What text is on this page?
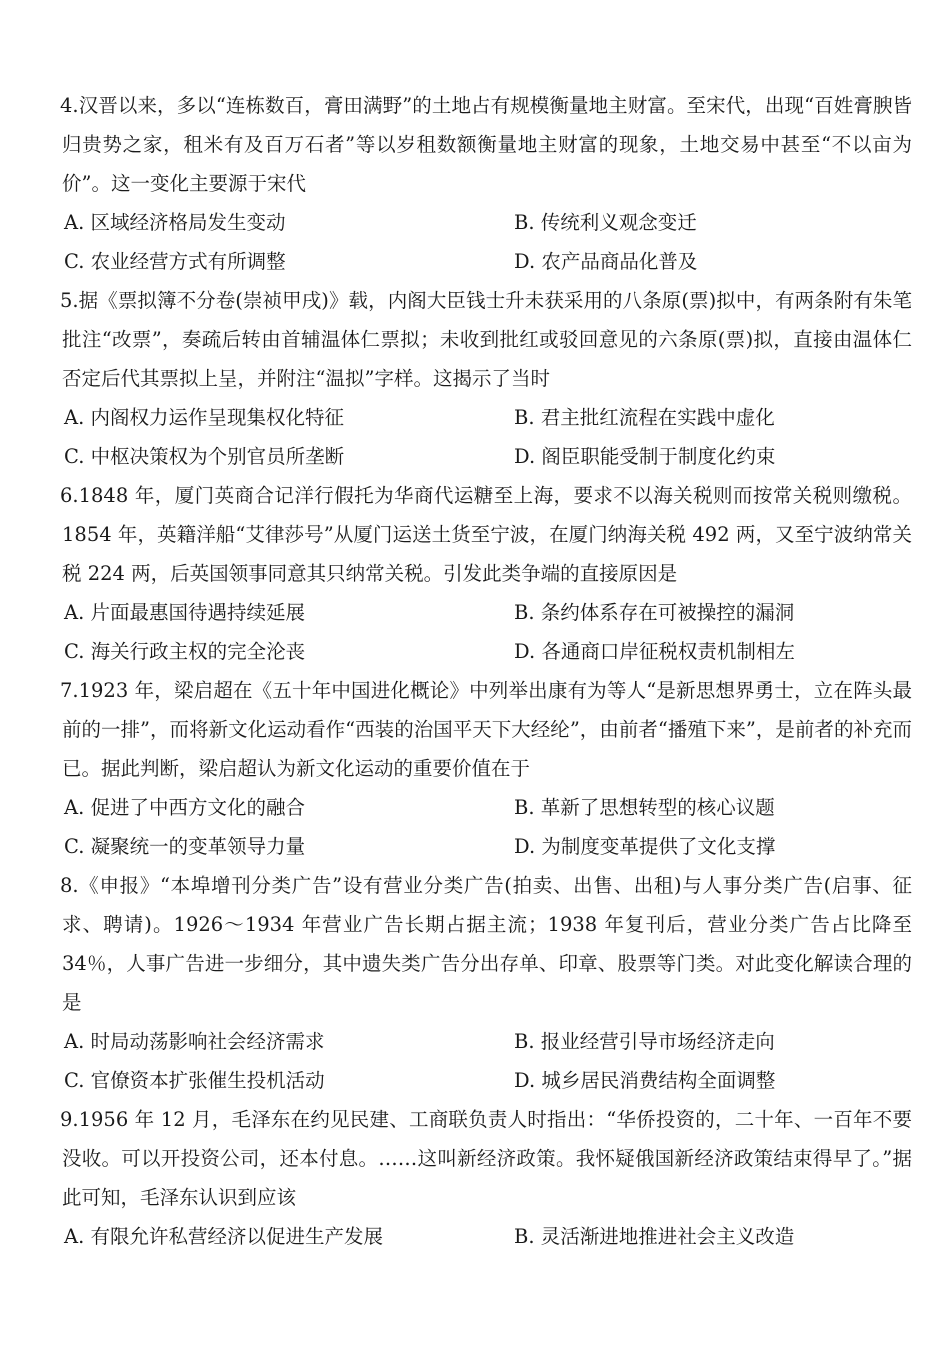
4.汉晋以来，多以“连栋数百，膏田满野”的土地占有规模衡量地主财富。至宋代，出现“百姓膏腴皆归贵势之家，租米有及百万石者”等以岁租数额衡量地主财富的现象，土地交易中甚至“不以亩为价”。这一变化主要源于宋代

A. 区域经济格局发生变动	B. 传统利义观念变迁
C. 农业经营方式有所调整	D. 农产品商品化普及

5.据《票拟簿不分卷(崇祯甲戌)》载，内阁大臣钱士升未获采用的八条原(票)拟中，有两条附有朱笔批注“改票”，奏疏后转由首辅温体仁票拟；未收到批红或驳回意见的六条原(票)拟，直接由温体仁否定后代其票拟上呈，并附注“温拟”字样。这揭示了当时

A. 内阁权力运作呈现集权化特征	B. 君主批红流程在实践中虚化
C. 中枢决策权为个别官员所垄断	D. 阁臣职能受制于制度化约束

6.1848 年，厦门英商合记洋行假托为华商代运糖至上海，要求不以海关税则而按常关税则缴税。1854 年，英籍洋船“艾律莎号”从厦门运送土货至宁波，在厦门纳海关税 492 两，又至宁波纳常关税 224 两，后英国领事同意其只纳常关税。引发此类争端的直接原因是

A. 片面最惠国待遇持续延展	B. 条约体系存在可被操控的漏洞
C. 海关行政主权的完全沦丧	D. 各通商口岸征税权责机制相左

7.1923 年，梁启超在《五十年中国进化概论》中列举出康有为等人“是新思想界勇士，立在阵头最前的一排”，而将新文化运动看作“西装的治国平天下大经纶”，由前者“播殖下来”，是前者的补充而已。据此判断，梁启超认为新文化运动的重要价值在于

A. 促进了中西方文化的融合	B. 革新了思想转型的核心议题
C. 凝聚统一的变革领导力量	D. 为制度变革提供了文化支撑

8.《申报》“本埠增刊分类广告”设有营业分类广告(拍卖、出售、出租)与人事分类广告(启事、征求、聘请)。1926～1934 年营业广告长期占据主流；1938 年复刊后，营业分类广告占比降至 34％，人事广告进一步细分，其中遗失类广告分出存单、印章、股票等门类。对此变化解读合理的是

A. 时局动荡影响社会经济需求	B. 报业经营引导市场经济走向
C. 官僚资本扩张催生投机活动	D. 城乡居民消费结构全面调整

9.1956 年 12 月，毛泽东在约见民建、工商联负责人时指出：“华侨投资的，二十年、一百年不要没收。可以开投资公司，还本付息。……这叫新经济政策。我怀疑俄国新经济政策结束得早了。”据此可知，毛泽东认识到应该

A. 有限允许私营经济以促进生产发展	B. 灵活渐进地推进社会主义改造
